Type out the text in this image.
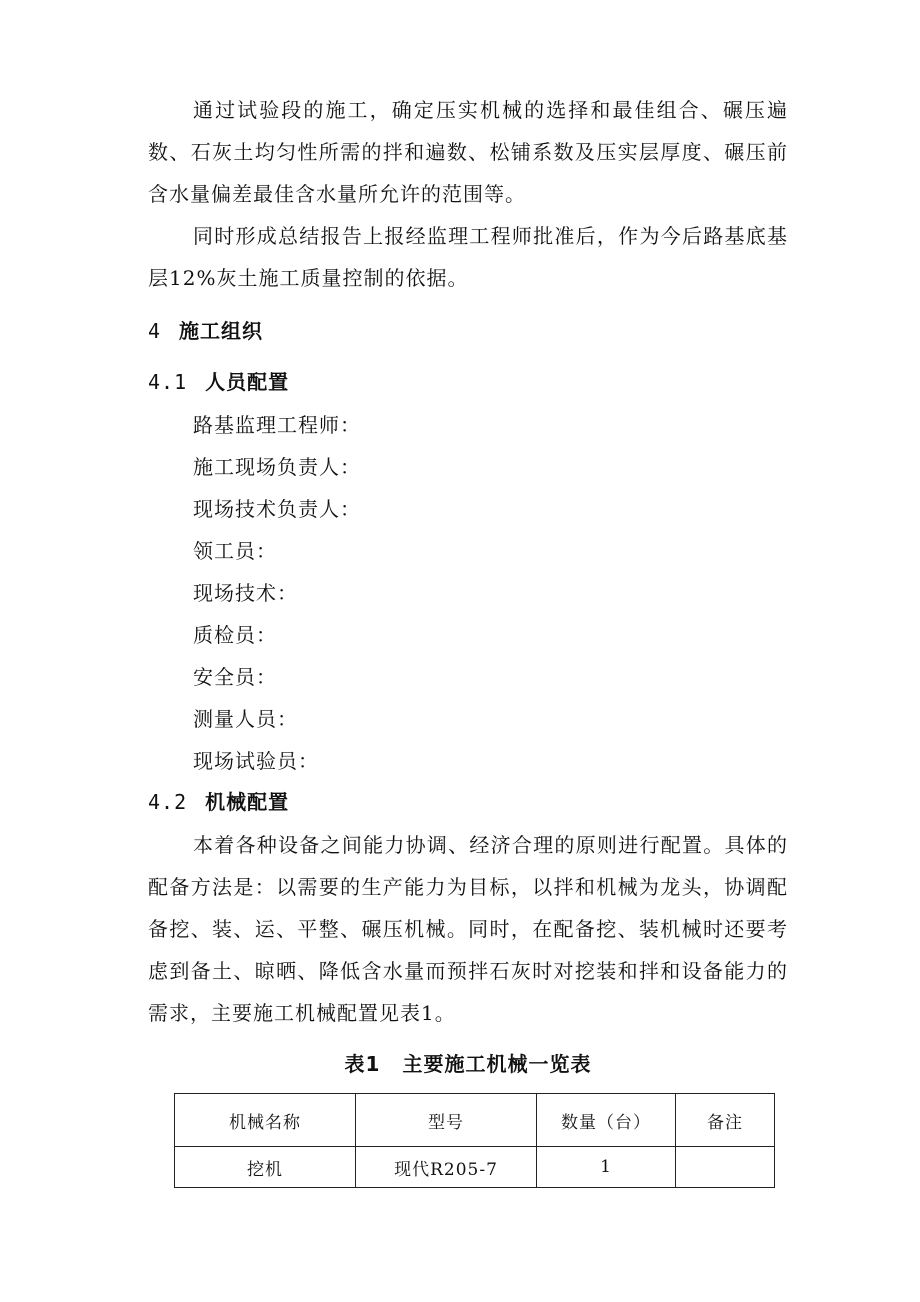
通过试验段的施工，确定压实机械的选择和最佳组合、碾压遍数、石灰土均匀性所需的拌和遍数、松铺系数及压实层厚度、碾压前含水量偏差最佳含水量所允许的范围等。

同时形成总结报告上报经监理工程师批准后，作为今后路基底基层12%灰土施工质量控制的依据。

4 施工组织
4.1 人员配置
路基监理工程师：
施工现场负责人：
现场技术负责人：
领工员：
现场技术：
质检员：
安全员：
测量人员：
现场试验员：
4.2 机械配置

本着各种设备之间能力协调、经济合理的原则进行配置。具体的配备方法是：以需要的生产能力为目标，以拌和机械为龙头，协调配备挖、装、运、平整、碾压机械。同时，在配备挖、装机械时还要考虑到备土、晾晒、降低含水量而预拌石灰时对挖装和拌和设备能力的需求，主要施工机械配置见表1。

表1 主要施工机械一览表

机械名称	型号	数量（台）	备注
挖机	现代R205-7	1	
